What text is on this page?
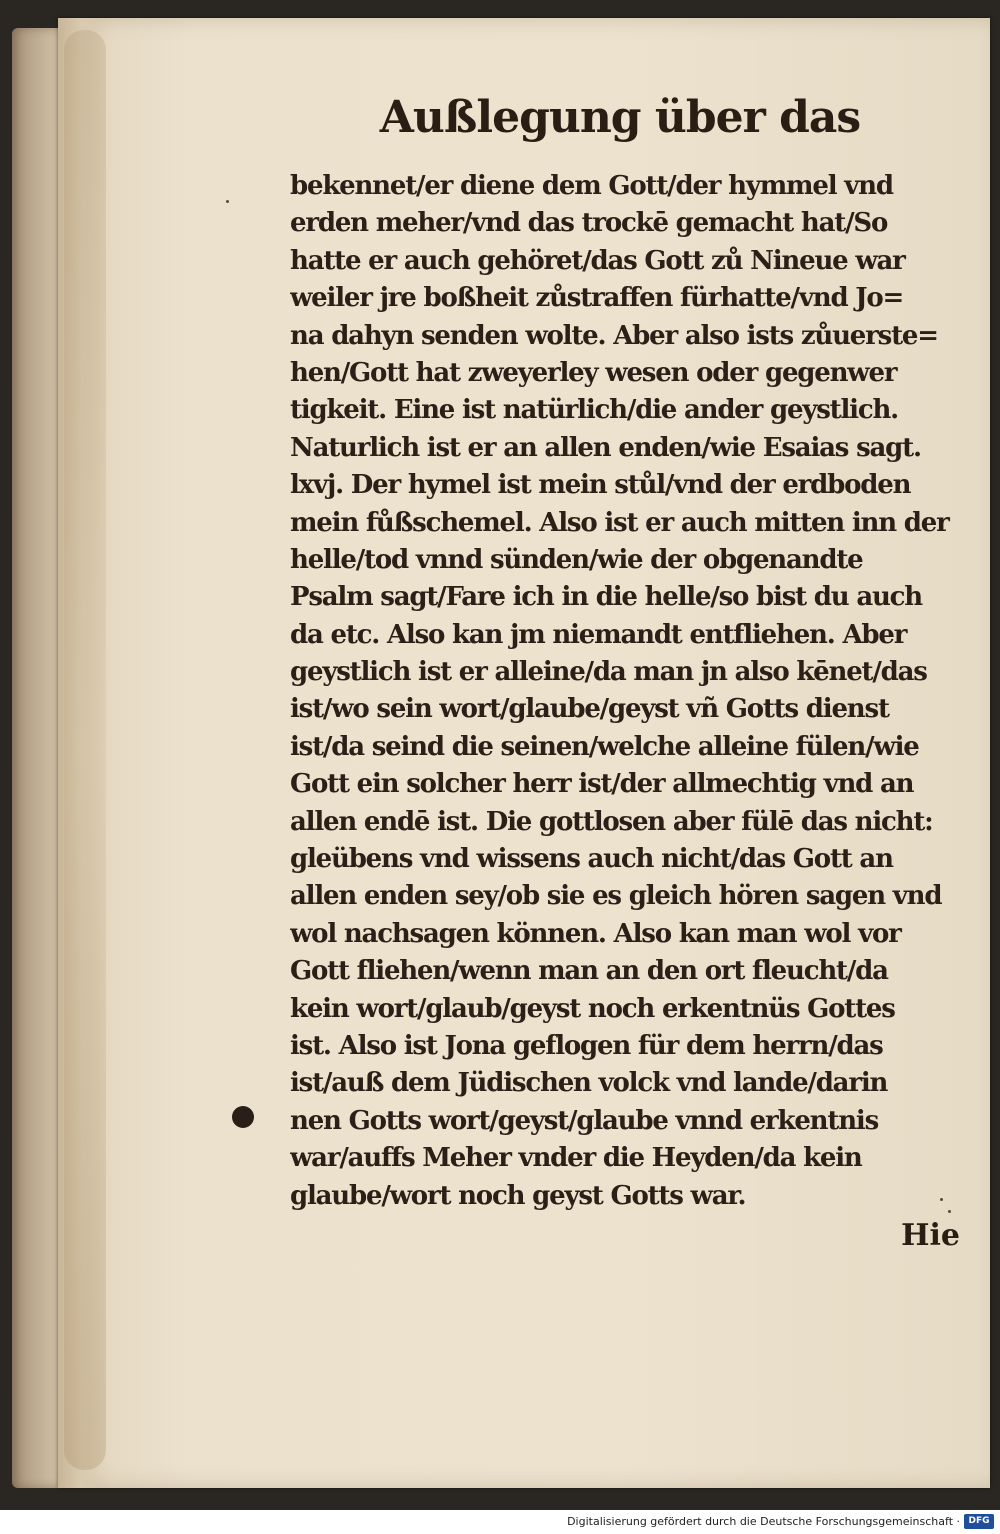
Außlegung über das
bekennet/er diene dem Gott/der hymmel vnd
erden meher/vnd das trockē gemacht hat/So
hatte er auch gehöret/das Gott zů Nineue war
weiler jre boßheit zůstraffen fürhatte/vnd Jo=
na dahyn senden wolte. Aber also ists zůuerste=
hen/Gott hat zweyerley wesen oder gegenwer
tigkeit. Eine ist natürlich/die ander geystlich.
Naturlich ist er an allen enden/wie Esaias sagt.
lxvj. Der hymel ist mein stůl/vnd der erdboden
mein fůßschemel. Also ist er auch mitten inn der
helle/tod vnnd sünden/wie der obgenandte
Psalm sagt/Fare ich in die helle/so bist du auch
da etc. Also kan jm niemandt entfliehen. Aber
geystlich ist er alleine/da man jn also kēnet/das
ist/wo sein wort/glaube/geyst vñ Gotts dienst
ist/da seind die seinen/welche alleine fülen/wie
Gott ein solcher herr ist/der allmechtig vnd an
allen endē ist. Die gottlosen aber fülē das nicht:
gleübens vnd wissens auch nicht/das Gott an
allen enden sey/ob sie es gleich hören sagen vnd
wol nachsagen können. Also kan man wol vor
Gott fliehen/wenn man an den ort fleucht/da
kein wort/glaub/geyst noch erkentnüs Gottes
ist. Also ist Jona geflogen für dem herrn/das
ist/auß dem Jüdischen volck vnd lande/darin
nen Gotts wort/geyst/glaube vnnd erkentnis
war/auffs Meher vnder die Heyden/da kein
glaube/wort noch geyst Gotts war.
Hie
Digitalisierung gefördert durch die Deutsche Forschungsgemeinschaft · DFG
